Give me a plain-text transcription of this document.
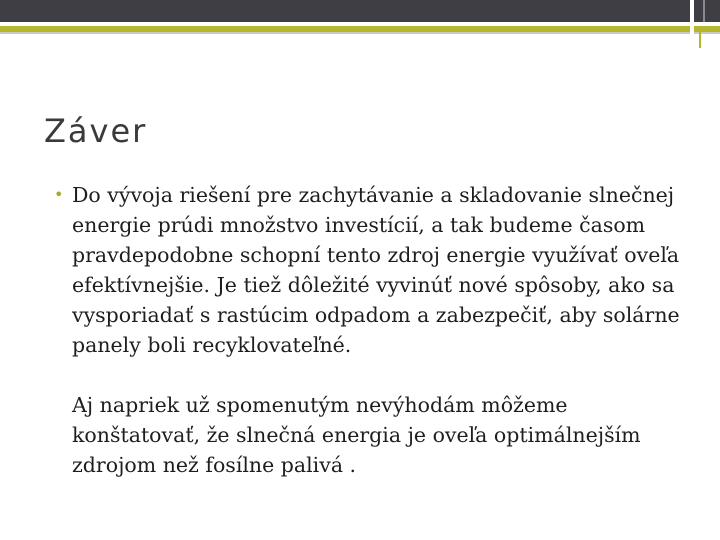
Záver
• Do vývoja riešení pre zachytávanie a skladovanie slnečnej energie prúdi množstvo investícií, a tak budeme časom pravdepodobne schopní tento zdroj energie využívať oveľa efektívnejšie. Je tiež dôležité vyvinúť nové spôsoby, ako sa vysporiadať s rastúcim odpadom a zabezpečiť, aby solárne panely boli recyklovateľné.
Aj napriek už spomenutým nevýhodám môžeme konštatovať, že slnečná energia je oveľa optimálnejším zdrojom než fosílne palivá .
